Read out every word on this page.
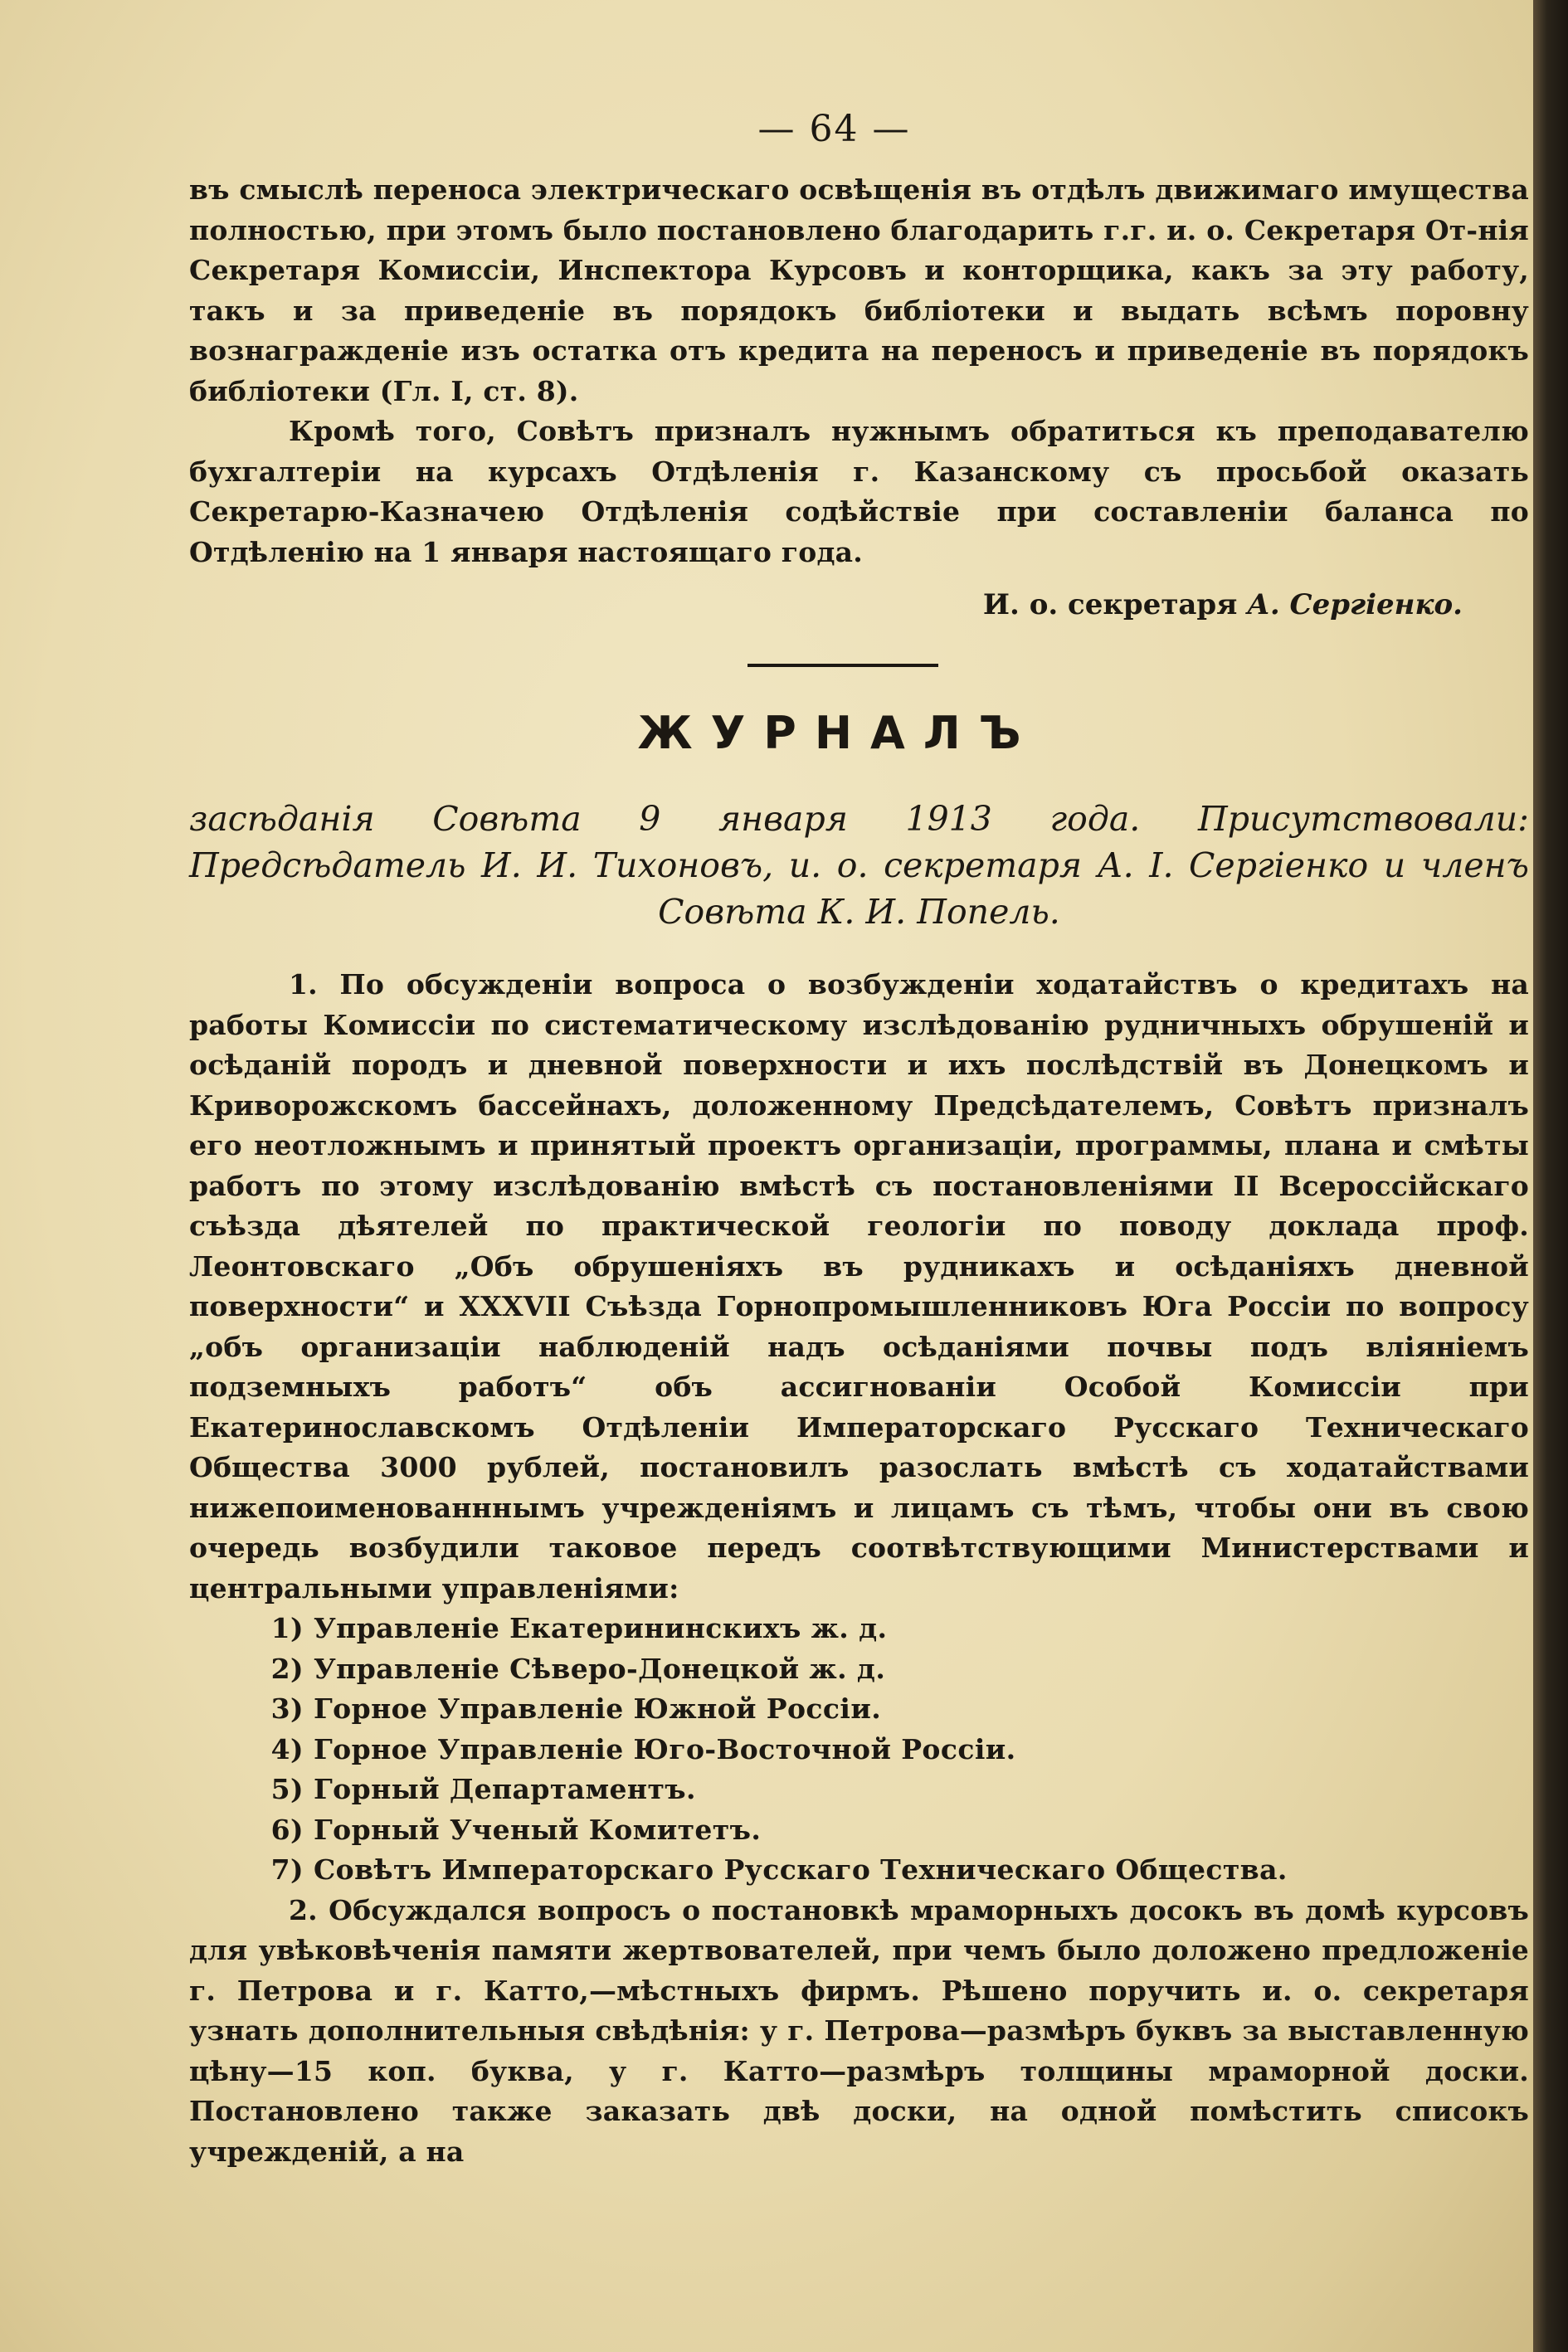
— 64 —

въ смыслѣ переноса электрическаго освѣщенія въ отдѣлъ движимаго имущества полностью, при этомъ было постановлено благодарить г.г. и. о. Секретаря От-нія Секретаря Комиссіи, Инспектора Курсовъ и конторщика, какъ за эту работу, такъ и за приведеніе въ порядокъ библіотеки и выдать всѣмъ поровну вознагражденіе изъ остатка отъ кредита на переносъ и приведеніе въ порядокъ библіотеки (Гл. I, ст. 8).

Кромѣ того, Совѣтъ призналъ нужнымъ обратиться къ преподавателю бухгалтеріи на курсахъ Отдѣленія г. Казанскому съ просьбой оказать Секретарю-Казначею Отдѣленія содѣйствіе при составленіи баланса по Отдѣленію на 1 января настоящаго года.

И. о. секретаря А. Сергіенко.
ЖУРНАЛЪ
засѣданія Совѣта 9 января 1913 года. Присутствовали: Предсѣдатель И. И. Тихоновъ, и. о. секретаря А. I. Сергіенко и членъ Совѣта К. И. Попель.

1. По обсужденіи вопроса о возбужденіи ходатайствъ о кредитахъ на работы Комиссіи по систематическому изслѣдованію рудничныхъ обрушеній и осѣданій породъ и дневной поверхности и ихъ послѣдствій въ Донецкомъ и Криворожскомъ бассейнахъ, доложенному Предсѣдателемъ, Совѣтъ призналъ его неотложнымъ и принятый проектъ организаціи, программы, плана и смѣты работъ по этому изслѣдованію вмѣстѣ съ постановленіями II Всероссійскаго съѣзда дѣятелей по практической геологіи по поводу доклада проф. Леонтовскаго „Объ обрушеніяхъ въ рудникахъ и осѣданіяхъ дневной поверхности“ и XXXVII Съѣзда Горнопромышленниковъ Юга Россіи по вопросу „объ организаціи наблюденій надъ осѣданіями почвы подъ вліяніемъ подземныхъ работъ“ объ ассигнованіи Особой Комиссіи при Екатеринославскомъ Отдѣленіи Императорскаго Русскаго Техническаго Общества 3000 рублей, постановилъ разослать вмѣстѣ съ ходатайствами нижепоименованннымъ учрежденіямъ и лицамъ съ тѣмъ, чтобы они въ свою очередь возбудили таковое передъ соотвѣтствующими Министерствами и центральными управленіями:

1) Управленіе Екатерининскихъ ж. д.
2) Управленіе Сѣверо-Донецкой ж. д.
3) Горное Управленіе Южной Россіи.
4) Горное Управленіе Юго-Восточной Россіи.
5) Горный Департаментъ.
6) Горный Ученый Комитетъ.
7) Совѣтъ Императорскаго Русскаго Техническаго Общества.

2. Обсуждался вопросъ о постановкѣ мраморныхъ досокъ въ домѣ курсовъ для увѣковѣченія памяти жертвователей, при чемъ было доложено предложеніе г. Петрова и г. Катто,—мѣстныхъ фирмъ. Рѣшено поручить и. о. секретаря узнать дополнительныя свѣдѣнія: у г. Петрова—размѣръ буквъ за выставленную цѣну—15 коп. буква, у г. Катто—размѣръ толщины мраморной доски. Постановлено также заказать двѣ доски, на одной помѣстить списокъ учрежденій, а на
